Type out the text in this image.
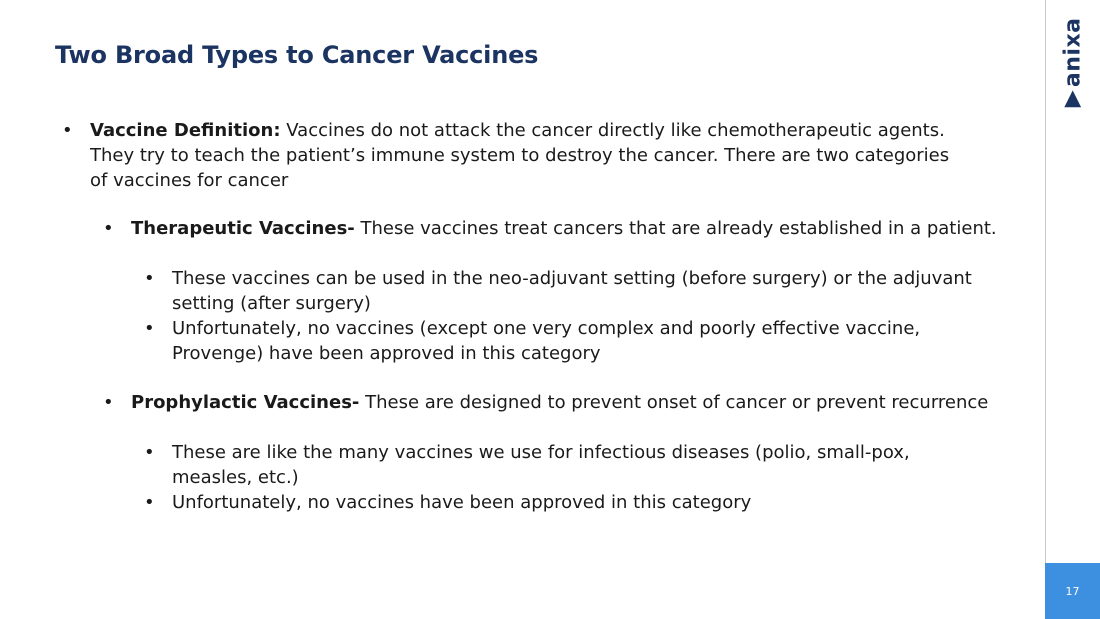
Two Broad Types to Cancer Vaccines
▲anixa
• Vaccine Definition: Vaccines do not attack the cancer directly like chemotherapeutic agents. They try to teach the patient’s immune system to destroy the cancer. There are two categories of vaccines for cancer
• Therapeutic Vaccines- These vaccines treat cancers that are already established in a patient.
• These vaccines can be used in the neo-adjuvant setting (before surgery) or the adjuvant setting (after surgery)
• Unfortunately, no vaccines (except one very complex and poorly effective vaccine, Provenge) have been approved in this category
• Prophylactic Vaccines- These are designed to prevent onset of cancer or prevent recurrence
• These are like the many vaccines we use for infectious diseases (polio, small-pox, measles, etc.)
• Unfortunately, no vaccines have been approved in this category
17
